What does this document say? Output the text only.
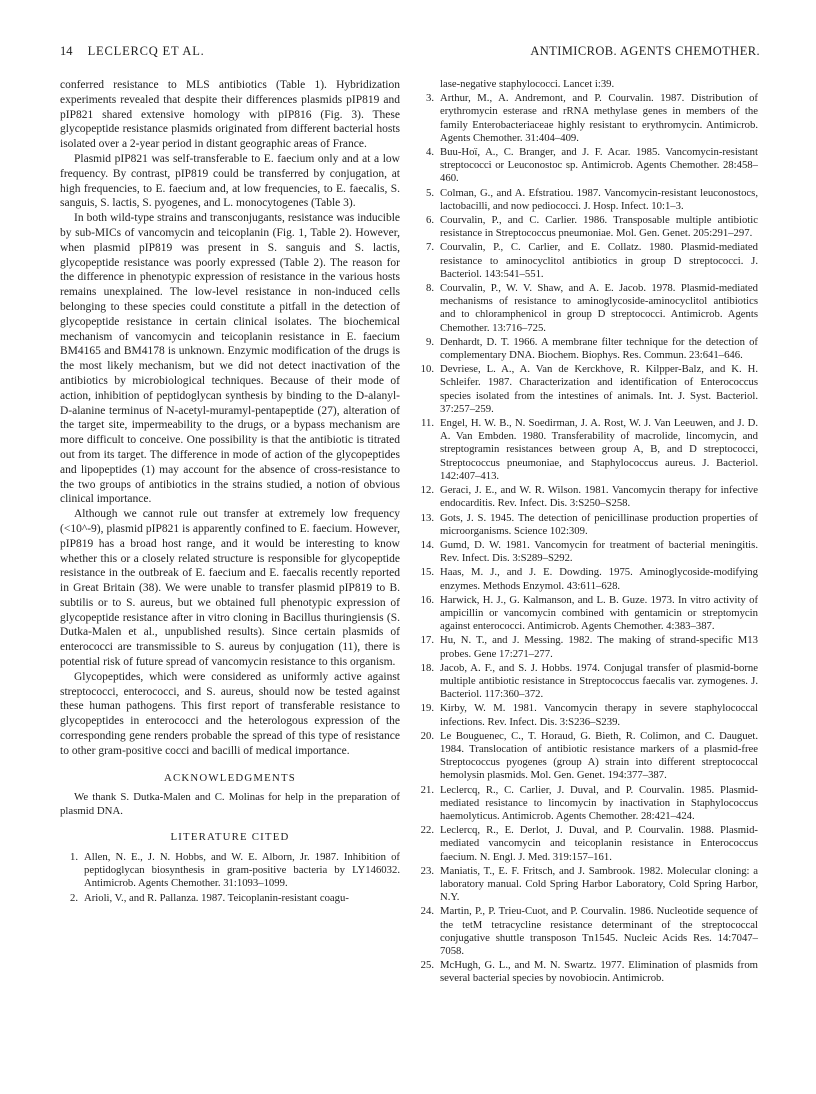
14 LECLERCQ ET AL.	ANTIMICROB. AGENTS CHEMOTHER.

conferred resistance to MLS antibiotics (Table 1). Hybridization experiments revealed that despite their differences plasmids pIP819 and pIP821 shared extensive homology with pIP816 (Fig. 3). These glycopeptide resistance plasmids originated from different bacterial hosts isolated over a 2-year period in distant geographic areas of France.

Plasmid pIP821 was self-transferable to E. faecium only and at a low frequency. By contrast, pIP819 could be transferred by conjugation, at high frequencies, to E. faecium and, at low frequencies, to E. faecalis, S. sanguis, S. lactis, S. pyogenes, and L. monocytogenes (Table 3).

In both wild-type strains and transconjugants, resistance was inducible by sub-MICs of vancomycin and teicoplanin (Fig. 1, Table 2). However, when plasmid pIP819 was present in S. sanguis and S. lactis, glycopeptide resistance was poorly expressed (Table 2). The reason for the difference in phenotypic expression of resistance in the various hosts remains unexplained. The low-level resistance in non-induced cells belonging to these species could constitute a pitfall in the detection of glycopeptide resistance in certain clinical isolates. The biochemical mechanism of vancomycin and teicoplanin resistance in E. faecium BM4165 and BM4178 is unknown. Enzymic modification of the drugs is the most likely mechanism, but we did not detect inactivation of the antibiotics by microbiological techniques. Because of their mode of action, inhibition of peptidoglycan synthesis by binding to the D-alanyl-D-alanine terminus of N-acetyl-muramyl-pentapeptide (27), alteration of the target site, impermeability to the drugs, or a bypass mechanism are more difficult to conceive. One possibility is that the antibiotic is titrated out from its target. The difference in mode of action of the glycopeptides and lipopeptides (1) may account for the absence of cross-resistance to the two groups of antibiotics in the strains studied, a notion of obvious clinical importance.

Although we cannot rule out transfer at extremely low frequency (<10^-9), plasmid pIP821 is apparently confined to E. faecium. However, pIP819 has a broad host range, and it would be interesting to know whether this or a closely related structure is responsible for glycopeptide resistance in the outbreak of E. faecium and E. faecalis recently reported in Great Britain (38). We were unable to transfer plasmid pIP819 to B. subtilis or to S. aureus, but we obtained full phenotypic expression of glycopeptide resistance after in vitro cloning in Bacillus thuringiensis (S. Dutka-Malen et al., unpublished results). Since certain plasmids of enterococci are transmissible to S. aureus by conjugation (11), there is potential risk of future spread of vancomycin resistance to this organism.

Glycopeptides, which were considered as uniformly active against streptococci, enterococci, and S. aureus, should now be tested against these human pathogens. This first report of transferable resistance to glycopeptides in enterococci and the heterologous expression of the corresponding gene renders probable the spread of this type of resistance to other gram-positive cocci and bacilli of medical importance.

ACKNOWLEDGMENTS

We thank S. Dutka-Malen and C. Molinas for help in the preparation of plasmid DNA.

LITERATURE CITED
1. Allen, N. E., J. N. Hobbs, and W. E. Alborn, Jr. 1987. Inhibition of peptidoglycan biosynthesis in gram-positive bacteria by LY146032. Antimicrob. Agents Chemother. 31:1093–1099.
2. Arioli, V., and R. Pallanza. 1987. Teicoplanin-resistant coagu-
lase-negative staphylococci. Lancet i:39.
3. Arthur, M., A. Andremont, and P. Courvalin. 1987. Distribution of erythromycin esterase and rRNA methylase genes in members of the family Enterobacteriaceae highly resistant to erythromycin. Antimicrob. Agents Chemother. 31:404–409.
4. Buu-Hoï, A., C. Branger, and J. F. Acar. 1985. Vancomycin-resistant streptococci or Leuconostoc sp. Antimicrob. Agents Chemother. 28:458–460.
5. Colman, G., and A. Efstratiou. 1987. Vancomycin-resistant leuconostocs, lactobacilli, and now pediococci. J. Hosp. Infect. 10:1–3.
6. Courvalin, P., and C. Carlier. 1986. Transposable multiple antibiotic resistance in Streptococcus pneumoniae. Mol. Gen. Genet. 205:291–297.
7. Courvalin, P., C. Carlier, and E. Collatz. 1980. Plasmid-mediated resistance to aminocyclitol antibiotics in group D streptococci. J. Bacteriol. 143:541–551.
8. Courvalin, P., W. V. Shaw, and A. E. Jacob. 1978. Plasmid-mediated mechanisms of resistance to aminoglycoside-aminocyclitol antibiotics and to chloramphenicol in group D streptococci. Antimicrob. Agents Chemother. 13:716–725.
9. Denhardt, D. T. 1966. A membrane filter technique for the detection of complementary DNA. Biochem. Biophys. Res. Commun. 23:641–646.
10. Devriese, L. A., A. Van de Kerckhove, R. Kilpper-Balz, and K. H. Schleifer. 1987. Characterization and identification of Enterococcus species isolated from the intestines of animals. Int. J. Syst. Bacteriol. 37:257–259.
11. Engel, H. W. B., N. Soedirman, J. A. Rost, W. J. Van Leeuwen, and J. D. A. Van Embden. 1980. Transferability of macrolide, lincomycin, and streptogramin resistances between group A, B, and D streptococci, Streptococcus pneumoniae, and Staphylococcus aureus. J. Bacteriol. 142:407–413.
12. Geraci, J. E., and W. R. Wilson. 1981. Vancomycin therapy for infective endocarditis. Rev. Infect. Dis. 3:S250–S258.
13. Gots, J. S. 1945. The detection of penicillinase production properties of microorganisms. Science 102:309.
14. Gumd, D. W. 1981. Vancomycin for treatment of bacterial meningitis. Rev. Infect. Dis. 3:S289–S292.
15. Haas, M. J., and J. E. Dowding. 1975. Aminoglycoside-modifying enzymes. Methods Enzymol. 43:611–628.
16. Harwick, H. J., G. Kalmanson, and L. B. Guze. 1973. In vitro activity of ampicillin or vancomycin combined with gentamicin or streptomycin against enterococci. Antimicrob. Agents Chemother. 4:383–387.
17. Hu, N. T., and J. Messing. 1982. The making of strand-specific M13 probes. Gene 17:271–277.
18. Jacob, A. F., and S. J. Hobbs. 1974. Conjugal transfer of plasmid-borne multiple antibiotic resistance in Streptococcus faecalis var. zymogenes. J. Bacteriol. 117:360–372.
19. Kirby, W. M. 1981. Vancomycin therapy in severe staphylococcal infections. Rev. Infect. Dis. 3:S236–S239.
20. Le Bouguenec, C., T. Horaud, G. Bieth, R. Colimon, and C. Dauguet. 1984. Translocation of antibiotic resistance markers of a plasmid-free Streptococcus pyogenes (group A) strain into different streptococcal hemolysin plasmids. Mol. Gen. Genet. 194:377–387.
21. Leclercq, R., C. Carlier, J. Duval, and P. Courvalin. 1985. Plasmid-mediated resistance to lincomycin by inactivation in Staphylococcus haemolyticus. Antimicrob. Agents Chemother. 28:421–424.
22. Leclercq, R., E. Derlot, J. Duval, and P. Courvalin. 1988. Plasmid-mediated vancomycin and teicoplanin resistance in Enterococcus faecium. N. Engl. J. Med. 319:157–161.
23. Maniatis, T., E. F. Fritsch, and J. Sambrook. 1982. Molecular cloning: a laboratory manual. Cold Spring Harbor Laboratory, Cold Spring Harbor, N.Y.
24. Martin, P., P. Trieu-Cuot, and P. Courvalin. 1986. Nucleotide sequence of the tetM tetracycline resistance determinant of the streptococcal conjugative shuttle transposon Tn1545. Nucleic Acids Res. 14:7047–7058.
25. McHugh, G. L., and M. N. Swartz. 1977. Elimination of plasmids from several bacterial species by novobiocin. Antimicrob.
